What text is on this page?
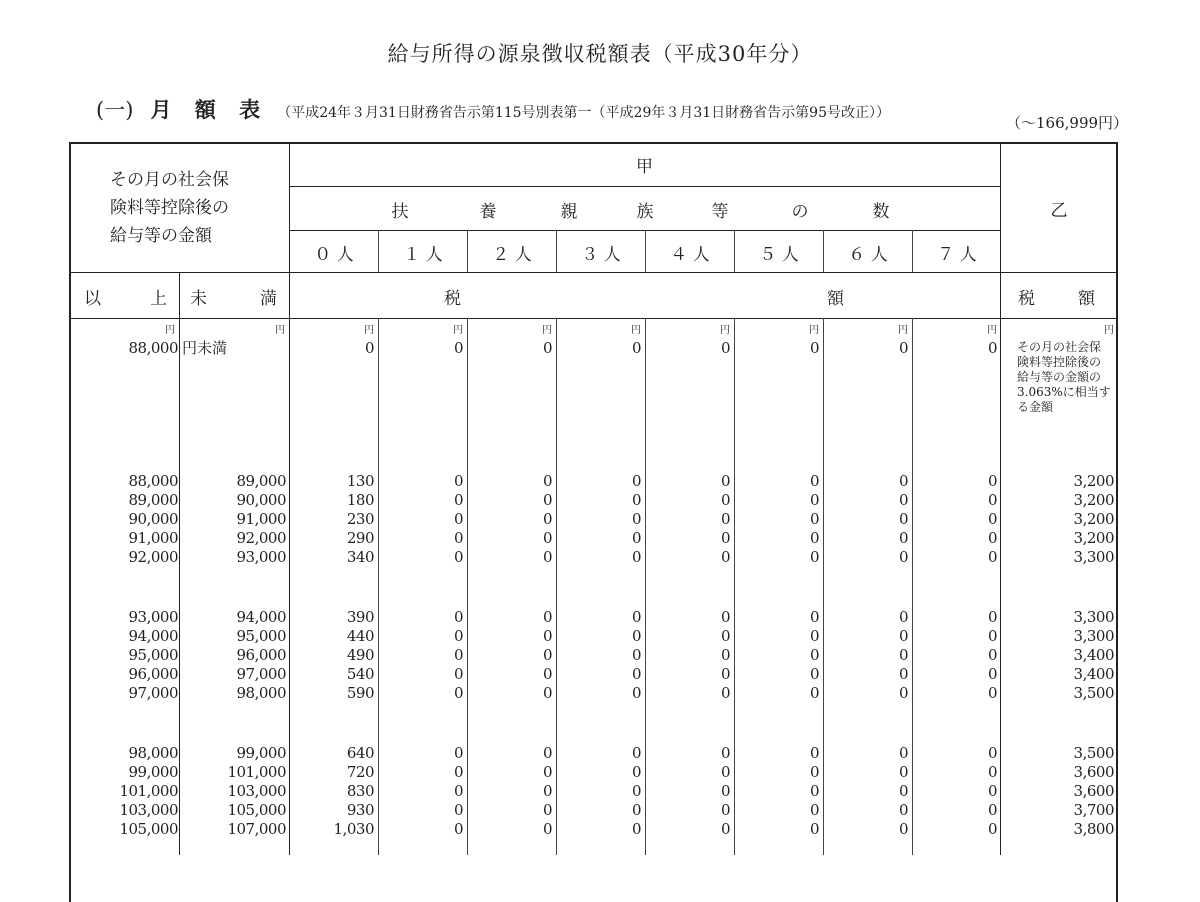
給与所得の源泉徴収税額表（平成30年分）
(一) 月 額 表 （平成24年３月31日財務省告示第115号別表第一（平成29年３月31日財務省告示第95号改正））
（～166,999円）
その月の社会保
険料等控除後の
給与等の金額
甲
乙
扶	養	親	族	等	の	数
０ 人	１ 人	２ 人	３ 人	４ 人	５ 人	６ 人	７ 人
以	上 未	満	税	額	税	額
円	円	円	円	円	円	円	円	円	円	円
88,000 円未満	0	0	0	0	0	0	0	0 その月の社会保険料等控除後の給与等の金額の3.063%に相当する金額
88,000	89,000	130	0	0	0	0	0	0	0	3,200
89,000	90,000	180	0	0	0	0	0	0	0	3,200
90,000	91,000	230	0	0	0	0	0	0	0	3,200
91,000	92,000	290	0	0	0	0	0	0	0	3,200
92,000	93,000	340	0	0	0	0	0	0	0	3,300
93,000	94,000	390	0	0	0	0	0	0	0	3,300
94,000	95,000	440	0	0	0	0	0	0	0	3,300
95,000	96,000	490	0	0	0	0	0	0	0	3,400
96,000	97,000	540	0	0	0	0	0	0	0	3,400
97,000	98,000	590	0	0	0	0	0	0	0	3,500
98,000	99,000	640	0	0	0	0	0	0	0	3,500
99,000	101,000	720	0	0	0	0	0	0	0	3,600
101,000	103,000	830	0	0	0	0	0	0	0	3,600
103,000	105,000	930	0	0	0	0	0	0	0	3,700
105,000	107,000	1,030	0	0	0	0	0	0	0	3,800
